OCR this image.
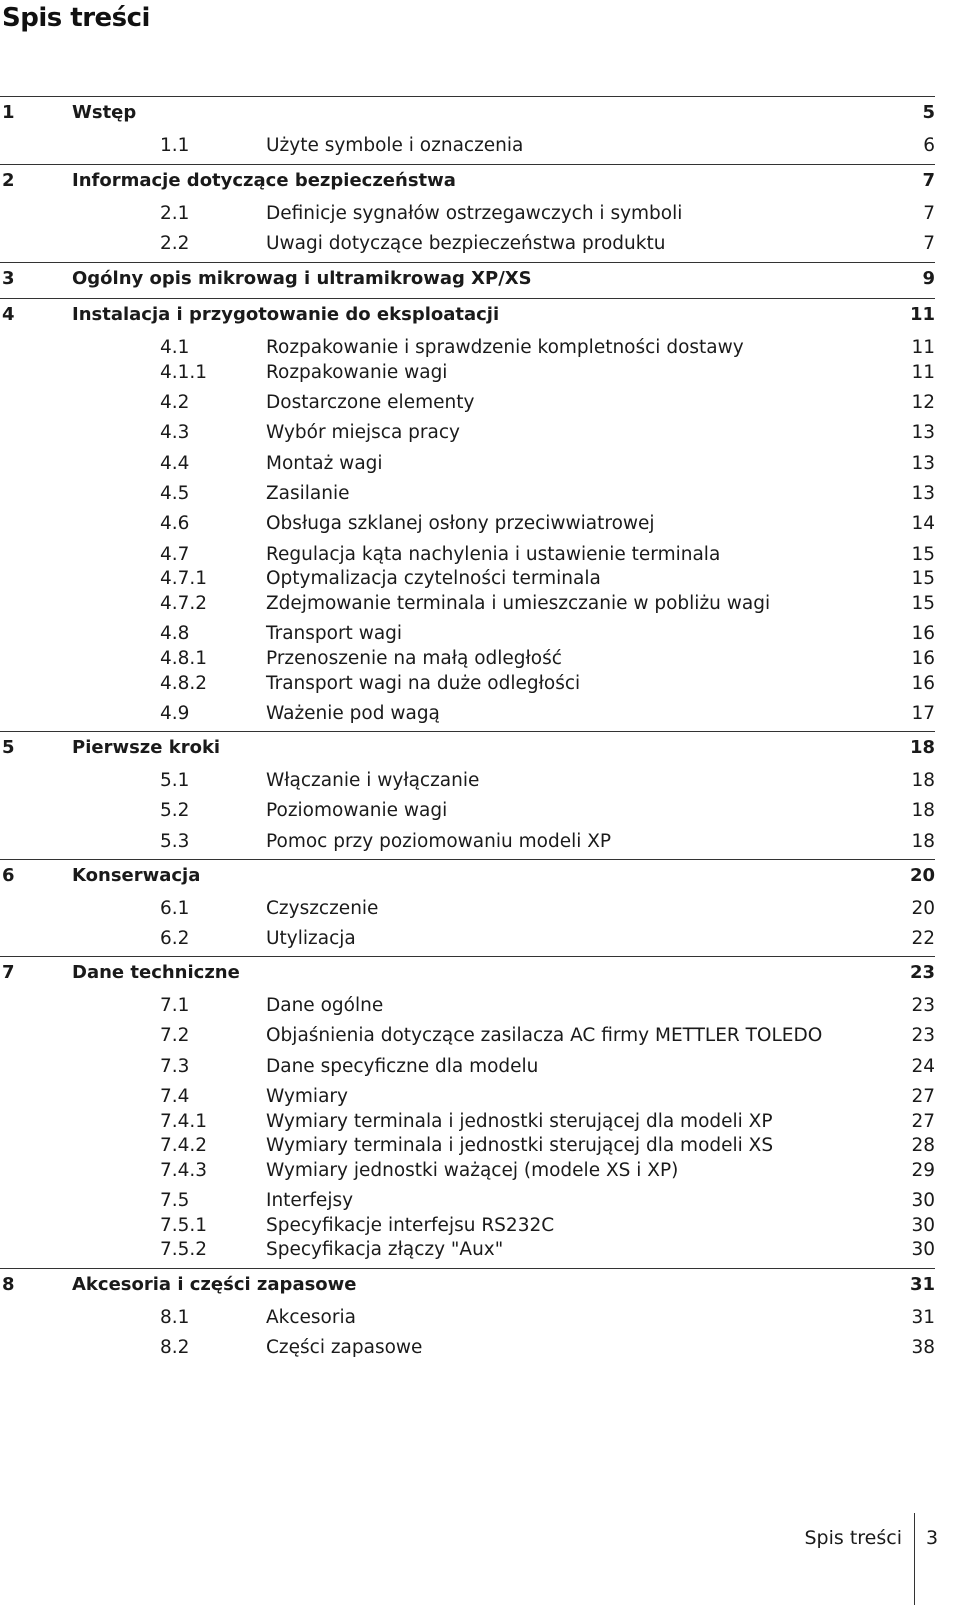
Spis treści
1	Wstęp	5
1.1	Użyte symbole i oznaczenia	6
2	Informacje dotyczące bezpieczeństwa	7
2.1	Definicje sygnałów ostrzegawczych i symboli	7
2.2	Uwagi dotyczące bezpieczeństwa produktu	7
3	Ogólny opis mikrowag i ultramikrowag XP/XS	9
4	Instalacja i przygotowanie do eksploatacji	11
4.1	Rozpakowanie i sprawdzenie kompletności dostawy	11
4.1.1	Rozpakowanie wagi	11
4.2	Dostarczone elementy	12
4.3	Wybór miejsca pracy	13
4.4	Montaż wagi	13
4.5	Zasilanie	13
4.6	Obsługa szklanej osłony przeciwwiatrowej	14
4.7	Regulacja kąta nachylenia i ustawienie terminala	15
4.7.1	Optymalizacja czytelności terminala	15
4.7.2	Zdejmowanie terminala i umieszczanie w pobliżu wagi	15
4.8	Transport wagi	16
4.8.1	Przenoszenie na małą odległość	16
4.8.2	Transport wagi na duże odległości	16
4.9	Ważenie pod wagą	17
5	Pierwsze kroki	18
5.1	Włączanie i wyłączanie	18
5.2	Poziomowanie wagi	18
5.3	Pomoc przy poziomowaniu modeli XP	18
6	Konserwacja	20
6.1	Czyszczenie	20
6.2	Utylizacja	22
7	Dane techniczne	23
7.1	Dane ogólne	23
7.2	Objaśnienia dotyczące zasilacza AC firmy METTLER TOLEDO	23
7.3	Dane specyficzne dla modelu	24
7.4	Wymiary	27
7.4.1	Wymiary terminala i jednostki sterującej dla modeli XP	27
7.4.2	Wymiary terminala i jednostki sterującej dla modeli XS	28
7.4.3	Wymiary jednostki ważącej (modele XS i XP)	29
7.5	Interfejsy	30
7.5.1	Specyfikacje interfejsu RS232C	30
7.5.2	Specyfikacja złączy "Aux"	30
8	Akcesoria i części zapasowe	31
8.1	Akcesoria	31
8.2	Części zapasowe	38
Spis treści 3
